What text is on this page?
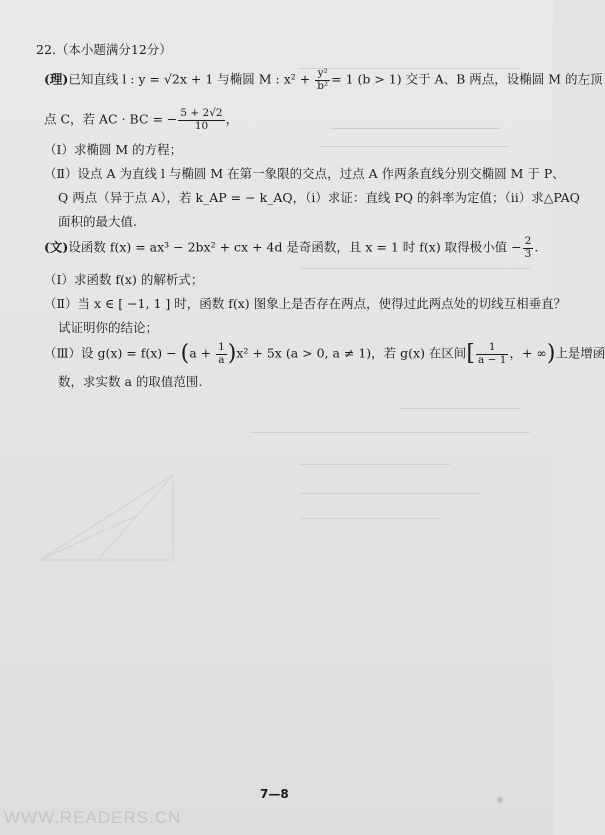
22.（本小题满分12分）
(理)已知直线 l : y = √2x + 1 与椭圆 M : $x^2 + \frac{\text{y²}}{\text{b²}} = 1$ (b > 1) 交于 A、B 两点，设椭圆 M 的左顶
点 C，若 AC · BC = − $\frac{5 + 2√2}{10}$ ，
（Ⅰ）求椭圆 M 的方程；
（Ⅱ）设点 A 为直线 l 与椭圆 M 在第一象限的交点，过点 A 作两条直线分别交椭圆 M 于 P、
Q 两点（异于点 A），若 k_AP = − k_AQ，（ⅰ）求证：直线 PQ 的斜率为定值；（ⅱ）求△PAQ
面积的最大值.
(文)设函数 f(x) = ax³ − 2bx² + cx + 4d 是奇函数，且 x = 1 时 f(x) 取得极小值 − $\frac{2}{3}$ .
（Ⅰ）求函数 f(x) 的解析式；
（Ⅱ）当 x ∈ [ −1, 1 ] 时，函数 f(x) 图象上是否存在两点，使得过此两点处的切线互相垂直？
试证明你的结论；
（Ⅲ）设 $g(x) = f(x) - (a + \frac{1}{a} )x^2 + 5x$ (a > 0, a ≠ 1)，若 g(x) 在区间[ $\frac{1}{a - 1}$ ，+ ∞)上是增函
数，求实数 a 的取值范围.
7—8
WWW.READERS.CN
